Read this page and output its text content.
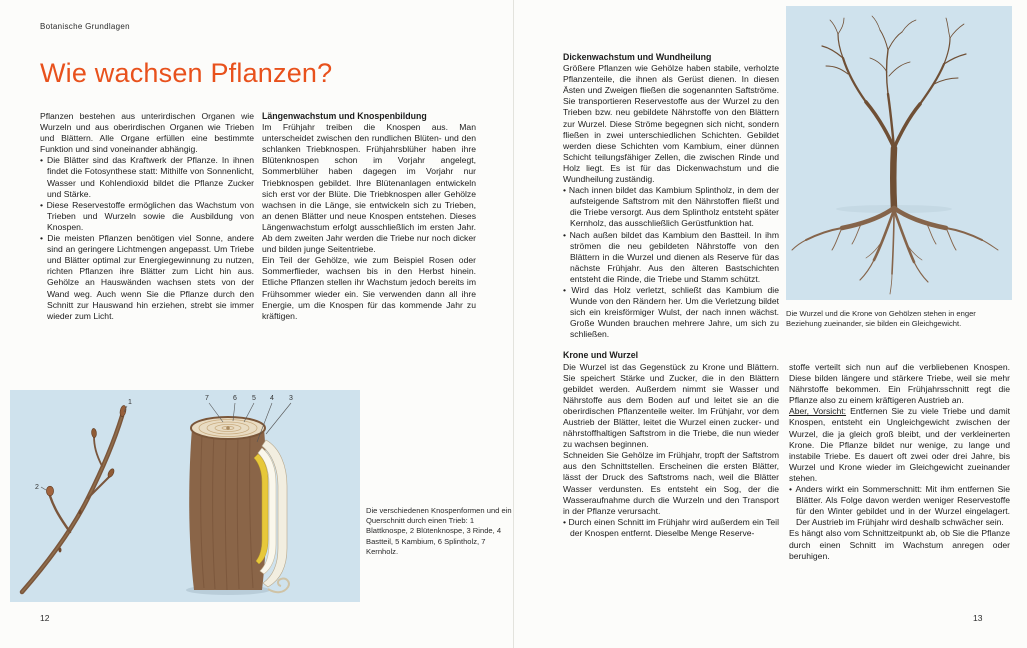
Botanische Grundlagen
Wie wachsen Pflanzen?

Pflanzen bestehen aus unterirdischen Organen wie Wurzeln und aus oberirdischen Organen wie Trieben und Blättern. Alle Organe erfüllen eine bestimmte Funktion und sind voneinander abhängig.

• Die Blätter sind das Kraftwerk der Pflanze. In ihnen findet die Fotosynthese statt: Mithilfe von Sonnenlicht, Wasser und Kohlendioxid bildet die Pflanze Zucker und Stärke.

• Diese Reservestoffe ermöglichen das Wachstum von Trieben und Wurzeln sowie die Ausbildung von Knospen.

• Die meisten Pflanzen benötigen viel Sonne, andere sind an geringere Lichtmengen angepasst. Um Triebe und Blätter optimal zur Energiegewinnung zu nutzen, richten Pflanzen ihre Blätter zum Licht hin aus. Gehölze an Hauswänden wachsen stets von der Wand weg. Auch wenn Sie die Pflanze durch den Schnitt zur Hauswand hin erziehen, strebt sie immer wieder zum Licht.

Längenwachstum und Knospenbildung

Im Frühjahr treiben die Knospen aus. Man unterscheidet zwischen den rundlichen Blüten- und den schlanken Triebknospen. Frühjahrsblüher haben ihre Blütenknospen schon im Vorjahr angelegt, Sommerblüher haben dagegen im Vorjahr nur Triebknospen gebildet. Ihre Blütenanlagen entwickeln sich erst vor der Blüte. Die Triebknospen aller Gehölze wachsen in die Länge, sie entwickeln sich zu Trieben, an denen Blätter und neue Knospen entstehen. Dieses Längenwachstum erfolgt ausschließlich im ersten Jahr. Ab dem zweiten Jahr werden die Triebe nur noch dicker und bilden junge Seitentriebe.

Ein Teil der Gehölze, wie zum Beispiel Rosen oder Sommerflieder, wachsen bis in den Herbst hinein. Etliche Pflanzen stellen ihr Wachstum jedoch bereits im Frühsommer wieder ein. Sie verwenden dann all ihre Energie, um die Knospen für das kommende Jahr zu kräftigen.

1
2
7	6 5 4 3
Die verschiedenen Knospenformen und ein Querschnitt durch einen Trieb: 1 Blattknospe, 2 Blütenknospe, 3 Rinde, 4 Bastteil, 5 Kambium, 6 Splintholz, 7 Kernholz.
12

Dickenwachstum und Wundheilung

Größere Pflanzen wie Gehölze haben stabile, verholzte Pflanzenteile, die ihnen als Gerüst dienen. In diesen Ästen und Zweigen fließen die sogenannten Saftströme. Sie transportieren Reservestoffe aus der Wurzel zu den Trieben bzw. neu gebildete Nährstoffe von den Blättern zur Wurzel. Diese Ströme begegnen sich nicht, sondern fließen in zwei unterschiedlichen Schichten. Gebildet werden diese Schichten vom Kambium, einer dünnen Schicht teilungsfähiger Zellen, die zwischen Rinde und Holz liegt. Es ist für das Dickenwachstum und die Wundheilung zuständig.

• Nach innen bildet das Kambium Splintholz, in dem der aufsteigende Saftstrom mit den Nährstoffen fließt und die Triebe versorgt. Aus dem Splintholz entsteht später Kernholz, das ausschließlich Gerüstfunktion hat.

• Nach außen bildet das Kambium den Bastteil. In ihm strömen die neu gebildeten Nährstoffe von den Blättern in die Wurzel und dienen als Reserve für das nächste Frühjahr. Aus den älteren Bastschichten entsteht die Rinde, die Triebe und Stamm schützt.

• Wird das Holz verletzt, schließt das Kambium die Wunde von den Rändern her. Um die Verletzung bildet sich ein kreisförmiger Wulst, der nach innen wächst. Große Wunden brauchen mehrere Jahre, um sich zu schließen.

Krone und Wurzel

Die Wurzel ist das Gegenstück zu Krone und Blättern. Sie speichert Stärke und Zucker, die in den Blättern gebildet werden. Außerdem nimmt sie Wasser und Nährstoffe aus dem Boden auf und leitet sie an die oberirdischen Pflanzenteile weiter. Im Frühjahr, vor dem Austrieb der Blätter, leitet die Wurzel einen zucker- und nährstoffhaltigen Saftstrom in die Triebe, die nun wieder zu wachsen beginnen.

Schneiden Sie Gehölze im Frühjahr, tropft der Saftstrom aus den Schnittstellen. Erscheinen die ersten Blätter, lässt der Druck des Saftstroms nach, weil die Blätter Wasser verdunsten. Es entsteht ein Sog, der die Wasseraufnahme durch die Wurzeln und den Transport in der Pflanze verursacht.

• Durch einen Schnitt im Frühjahr wird außerdem ein Teil der Knospen entfernt. Dieselbe Menge Reserve-

Die Wurzel und die Krone von Gehölzen stehen in enger Beziehung zueinander, sie bilden ein Gleichgewicht.

stoffe verteilt sich nun auf die verbliebenen Knospen. Diese bilden längere und stärkere Triebe, weil sie mehr Nährstoffe bekommen. Ein Frühjahrsschnitt regt die Pflanze also zu einem kräftigeren Austrieb an.

Aber, Vorsicht: Entfernen Sie zu viele Triebe und damit Knospen, entsteht ein Ungleichgewicht zwischen der Wurzel, die ja gleich groß bleibt, und der verkleinerten Krone. Die Pflanze bildet nur wenige, zu lange und instabile Triebe. Es dauert oft zwei oder drei Jahre, bis Wurzel und Krone wieder im Gleichgewicht zueinander stehen.

• Anders wirkt ein Sommerschnitt: Mit ihm entfernen Sie Blätter. Als Folge davon werden weniger Reservestoffe für den Winter gebildet und in der Wurzel eingelagert. Der Austrieb im Frühjahr wird deshalb schwächer sein.

Es hängt also vom Schnittzeitpunkt ab, ob Sie die Pflanze durch einen Schnitt im Wachstum anregen oder beruhigen.

13
